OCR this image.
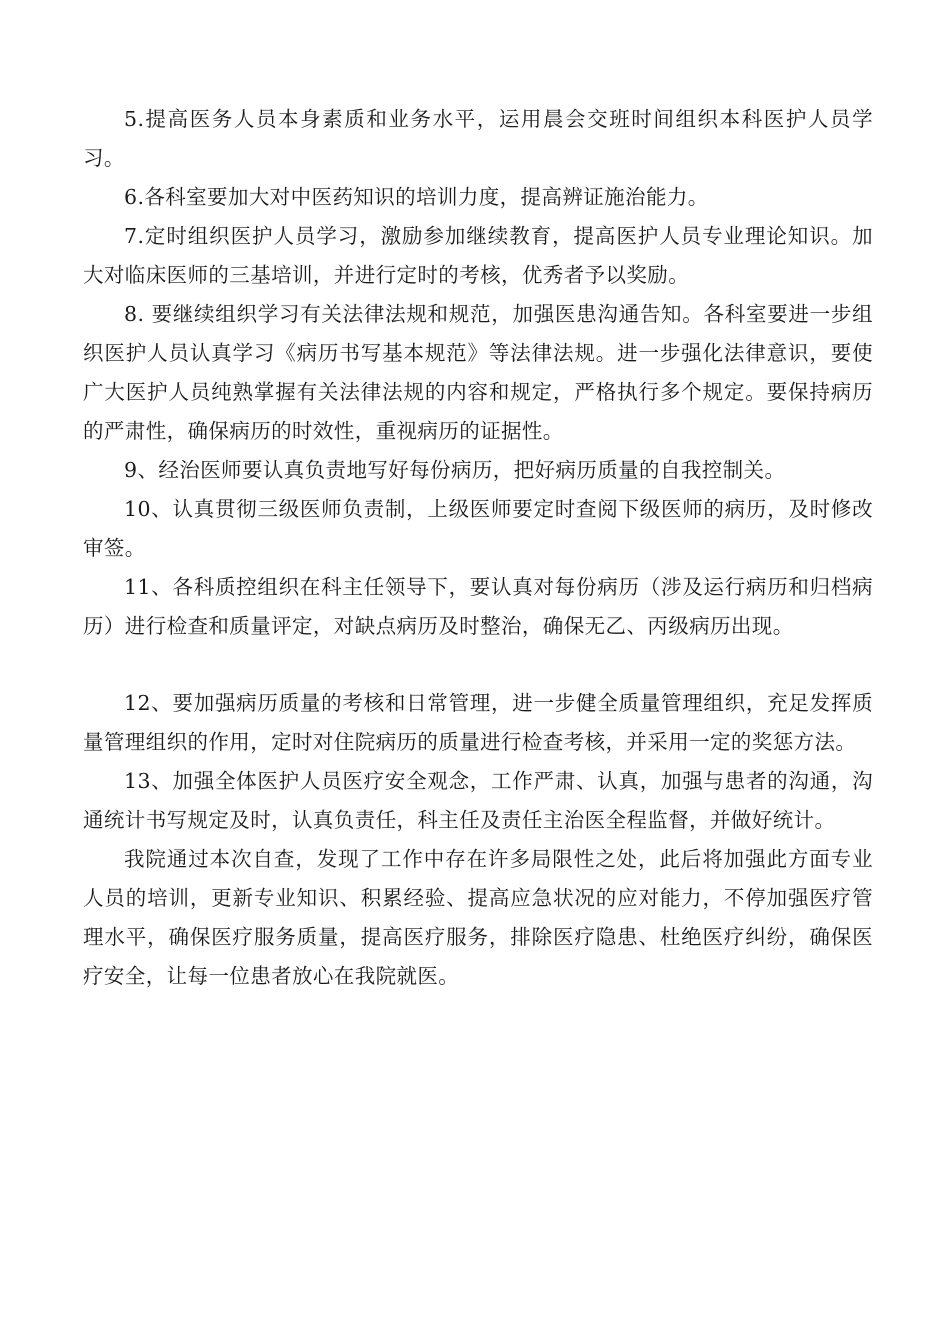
5.提高医务人员本身素质和业务水平，运用晨会交班时间组织本科医护人员学习。

6.各科室要加大对中医药知识的培训力度，提高辨证施治能力。

7.定时组织医护人员学习，激励参加继续教育，提高医护人员专业理论知识。加大对临床医师的三基培训，并进行定时的考核，优秀者予以奖励。

8. 要继续组织学习有关法律法规和规范，加强医患沟通告知。各科室要进一步组织医护人员认真学习《病历书写基本规范》等法律法规。进一步强化法律意识，要使广大医护人员纯熟掌握有关法律法规的内容和规定，严格执行多个规定。要保持病历的严肃性，确保病历的时效性，重视病历的证据性。

9、经治医师要认真负责地写好每份病历，把好病历质量的自我控制关。

10、认真贯彻三级医师负责制，上级医师要定时查阅下级医师的病历，及时修改审签。

11、各科质控组织在科主任领导下，要认真对每份病历（涉及运行病历和归档病历）进行检查和质量评定，对缺点病历及时整治，确保无乙、丙级病历出现。

12、要加强病历质量的考核和日常管理，进一步健全质量管理组织，充足发挥质量管理组织的作用，定时对住院病历的质量进行检查考核，并采用一定的奖惩方法。

13、加强全体医护人员医疗安全观念，工作严肃、认真，加强与患者的沟通，沟通统计书写规定及时，认真负责任，科主任及责任主治医全程监督，并做好统计。

我院通过本次自查，发现了工作中存在许多局限性之处，此后将加强此方面专业人员的培训，更新专业知识、积累经验、提高应急状况的应对能力，不停加强医疗管理水平，确保医疗服务质量，提高医疗服务，排除医疗隐患、杜绝医疗纠纷，确保医疗安全，让每一位患者放心在我院就医。
